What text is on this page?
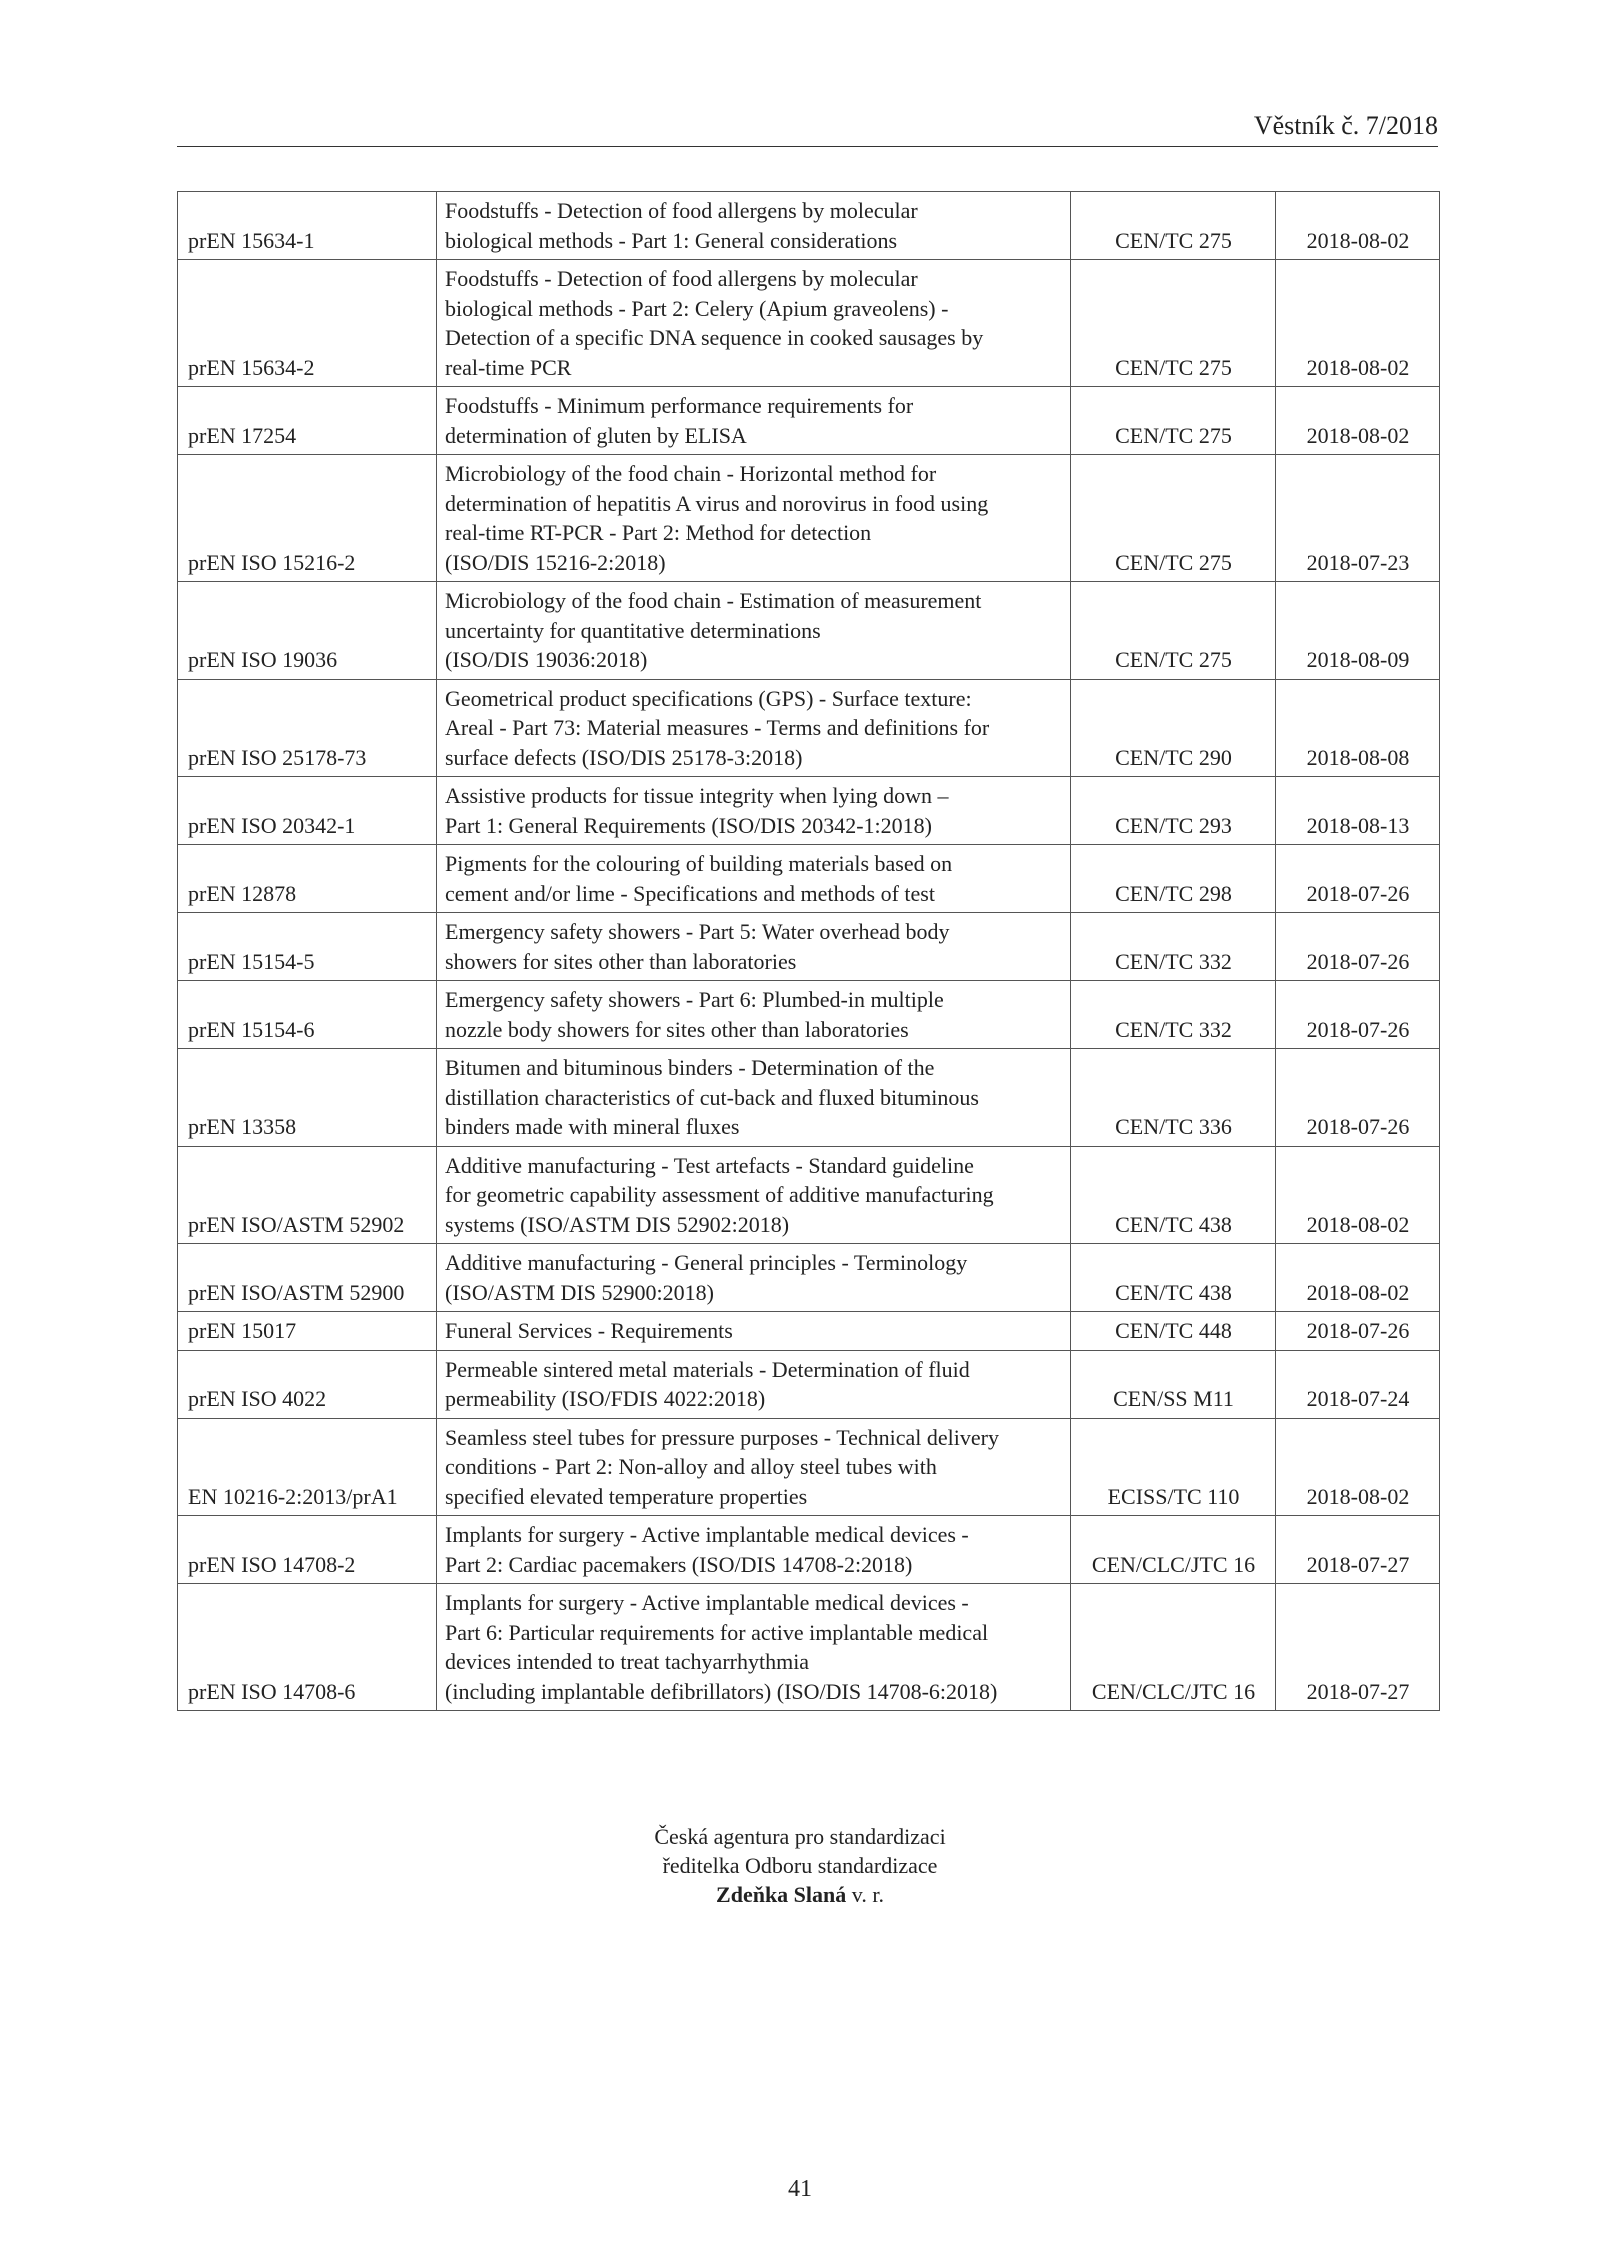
Věstník č. 7/2018
prEN 15634-1	Foodstuffs - Detection of food allergens by molecular
biological methods - Part 1: General considerations	CEN/TC 275	2018-08-02
prEN 15634-2	Foodstuffs - Detection of food allergens by molecular
biological methods - Part 2: Celery (Apium graveolens) -
Detection of a specific DNA sequence in cooked sausages by
real-time PCR	CEN/TC 275	2018-08-02
prEN 17254	Foodstuffs - Minimum performance requirements for
determination of gluten by ELISA	CEN/TC 275	2018-08-02
prEN ISO 15216-2	Microbiology of the food chain - Horizontal method for
determination of hepatitis A virus and norovirus in food using
real-time RT-PCR - Part 2: Method for detection
(ISO/DIS 15216-2:2018)	CEN/TC 275	2018-07-23
prEN ISO 19036	Microbiology of the food chain - Estimation of measurement
uncertainty for quantitative determinations
(ISO/DIS 19036:2018)	CEN/TC 275	2018-08-09
prEN ISO 25178-73	Geometrical product specifications (GPS) - Surface texture:
Areal - Part 73: Material measures - Terms and definitions for
surface defects (ISO/DIS 25178-3:2018)	CEN/TC 290	2018-08-08
prEN ISO 20342-1	Assistive products for tissue integrity when lying down –
Part 1: General Requirements (ISO/DIS 20342-1:2018)	CEN/TC 293	2018-08-13
prEN 12878	Pigments for the colouring of building materials based on
cement and/or lime - Specifications and methods of test	CEN/TC 298	2018-07-26
prEN 15154-5	Emergency safety showers - Part 5: Water overhead body
showers for sites other than laboratories	CEN/TC 332	2018-07-26
prEN 15154-6	Emergency safety showers - Part 6: Plumbed-in multiple
nozzle body showers for sites other than laboratories	CEN/TC 332	2018-07-26
prEN 13358	Bitumen and bituminous binders - Determination of the
distillation characteristics of cut-back and fluxed bituminous
binders made with mineral fluxes	CEN/TC 336	2018-07-26
prEN ISO/ASTM 52902	Additive manufacturing - Test artefacts - Standard guideline
for geometric capability assessment of additive manufacturing
systems (ISO/ASTM DIS 52902:2018)	CEN/TC 438	2018-08-02
prEN ISO/ASTM 52900	Additive manufacturing - General principles - Terminology
(ISO/ASTM DIS 52900:2018)	CEN/TC 438	2018-08-02
prEN 15017	Funeral Services - Requirements	CEN/TC 448	2018-07-26
prEN ISO 4022	Permeable sintered metal materials - Determination of fluid
permeability (ISO/FDIS 4022:2018)	CEN/SS M11	2018-07-24
EN 10216-2:2013/prA1	Seamless steel tubes for pressure purposes - Technical delivery
conditions - Part 2: Non-alloy and alloy steel tubes with
specified elevated temperature properties	ECISS/TC 110	2018-08-02
prEN ISO 14708-2	Implants for surgery - Active implantable medical devices -
Part 2: Cardiac pacemakers (ISO/DIS 14708-2:2018)	CEN/CLC/JTC 16	2018-07-27
prEN ISO 14708-6	Implants for surgery - Active implantable medical devices -
Part 6: Particular requirements for active implantable medical
devices intended to treat tachyarrhythmia
(including implantable defibrillators) (ISO/DIS 14708-6:2018)	CEN/CLC/JTC 16	2018-07-27
Česká agentura pro standardizaci
ředitelka Odboru standardizace
Zdeňka Slaná v. r.
41
